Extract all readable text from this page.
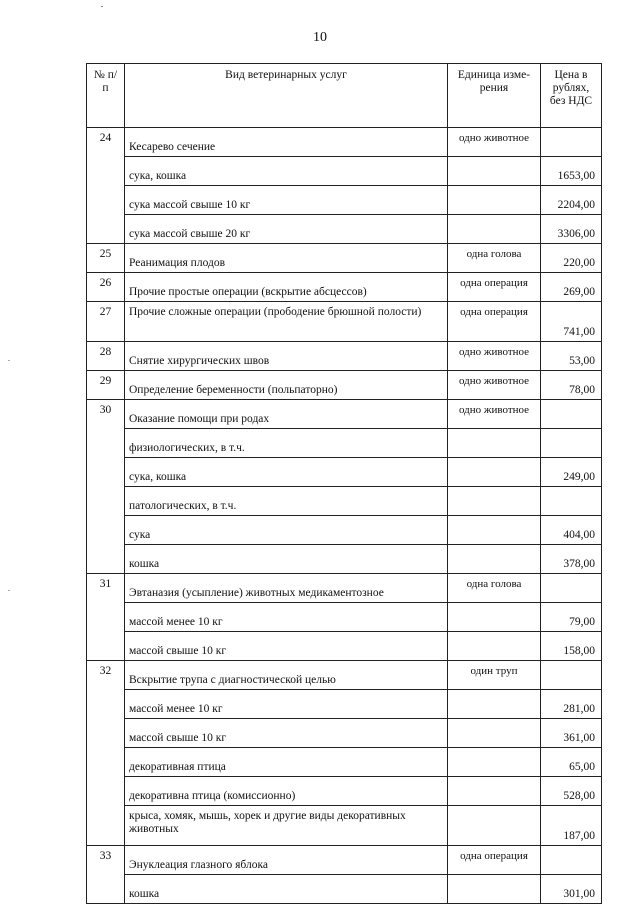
10
№ п/п	Вид ветеринарных услуг	Единица изме-рения	Цена в рублях, без НДС
24	Кесарево сечение	одно животное	
	сука, кошка		1653,00
	сука массой свыше 10 кг		2204,00
	сука массой свыше 20 кг		3306,00
25	Реанимация плодов	одна голова	220,00
26	Прочие простые операции (вскрытие абсцессов)	одна операция	269,00
27	Прочие сложные операции (прободение брюшной полости)	одна операция	741,00
28	Снятие хирургических швов	одно животное	53,00
29	Определение беременности (польпаторно)	одно животное	78,00
30	Оказание помощи при родах	одно животное	
	физиологических, в т.ч.		
	сука, кошка		249,00
	патологических, в т.ч.		
	сука		404,00
	кошка		378,00
31	Эвтаназия (усыпление) животных медикаментозное	одна голова	
	массой менее 10 кг		79,00
	массой свыше 10 кг		158,00
32	Вскрытие трупа с диагностической целью	один труп	
	массой менее 10 кг		281,00
	массой свыше 10 кг		361,00
	декоративная птица		65,00
	декоративна птица (комиссионно)		528,00
	крыса, хомяк, мышь, хорек и другие виды декоративных животных		187,00
33	Энуклеация глазного яблока	одна операция	
	кошка		301,00
